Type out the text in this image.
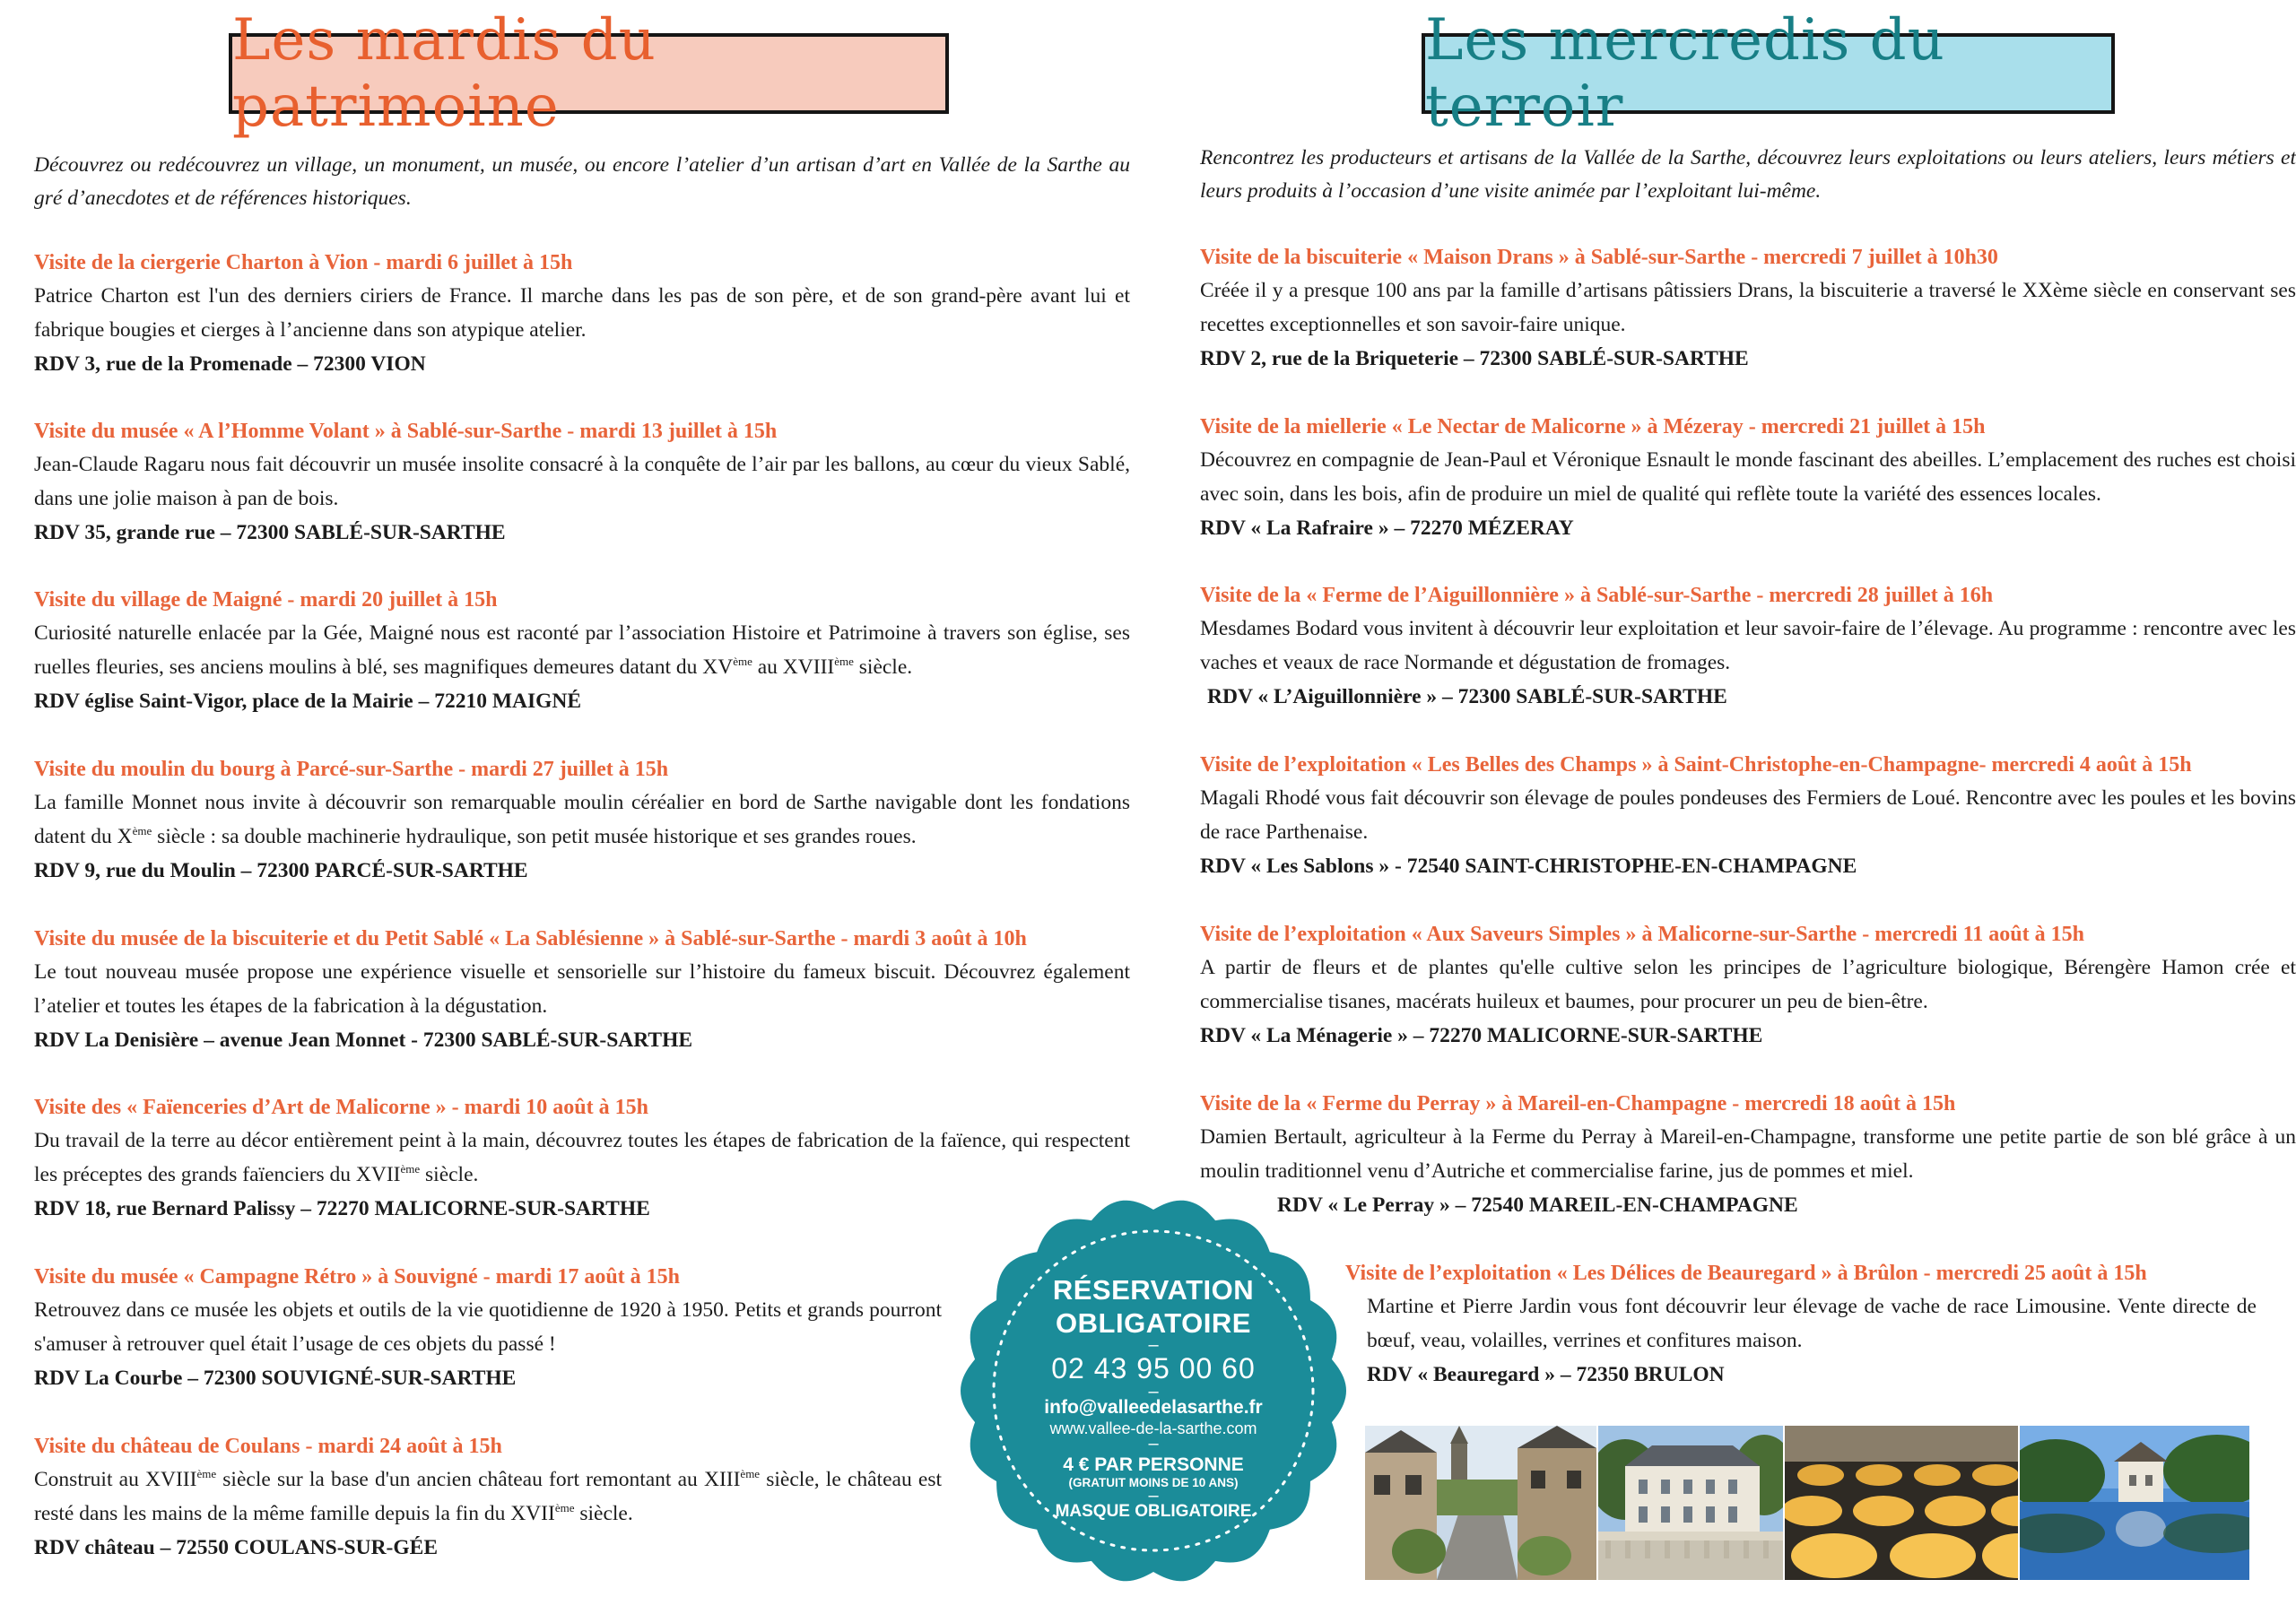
Les mardis du patrimoine
Les mercredis du terroir

Découvrez ou redécouvrez un village, un monument, un musée, ou encore l’atelier d’un artisan d’art en Vallée de la Sarthe au gré d’anecdotes et de références historiques.

Rencontrez les producteurs et artisans de la Vallée de la Sarthe, découvrez leurs exploitations ou leurs ateliers, leurs métiers et leurs produits à l’occasion d’une visite animée par l’exploitant lui-même.

Visite de la ciergerie Charton à Vion - mardi 6 juillet à 15h

Patrice Charton est l'un des derniers ciriers de France. Il marche dans les pas de son père, et de son grand-père avant lui et fabrique bougies et cierges à l’ancienne dans son atypique atelier.

RDV 3, rue de la Promenade – 72300 VION

Visite du musée « A l’Homme Volant » à Sablé-sur-Sarthe - mardi 13 juillet à 15h

Jean-Claude Ragaru nous fait découvrir un musée insolite consacré à la conquête de l’air par les ballons, au cœur du vieux Sablé, dans une jolie maison à pan de bois.

RDV 35, grande rue – 72300 SABLÉ-SUR-SARTHE

Visite du village de Maigné - mardi 20 juillet à 15h

Curiosité naturelle enlacée par la Gée, Maigné nous est raconté par l’association Histoire et Patrimoine à travers son église, ses ruelles fleuries, ses anciens moulins à blé, ses magnifiques demeures datant du XVème au XVIIIème siècle.

RDV église Saint-Vigor, place de la Mairie – 72210 MAIGNÉ

Visite du moulin du bourg à Parcé-sur-Sarthe - mardi 27 juillet à 15h

La famille Monnet nous invite à découvrir son remarquable moulin céréalier en bord de Sarthe navigable dont les fondations datent du Xème siècle : sa double machinerie hydraulique, son petit musée historique et ses grandes roues.

RDV 9, rue du Moulin – 72300 PARCÉ-SUR-SARTHE

Visite du musée de la biscuiterie et du Petit Sablé « La Sablésienne » à Sablé-sur-Sarthe - mardi 3 août à 10h

Le tout nouveau musée propose une expérience visuelle et sensorielle sur l’histoire du fameux biscuit. Découvrez également l’atelier et toutes les étapes de la fabrication à la dégustation.

RDV La Denisière – avenue Jean Monnet - 72300 SABLÉ-SUR-SARTHE

Visite des « Faïenceries d’Art de Malicorne » - mardi 10 août à 15h

Du travail de la terre au décor entièrement peint à la main, découvrez toutes les étapes de fabrication de la faïence, qui respectent les préceptes des grands faïenciers du XVIIème siècle.

RDV 18, rue Bernard Palissy – 72270 MALICORNE-SUR-SARTHE

Visite du musée « Campagne Rétro » à Souvigné - mardi 17 août à 15h

Retrouvez dans ce musée les objets et outils de la vie quotidienne de 1920 à 1950. Petits et grands pourront s'amuser à retrouver quel était l’usage de ces objets du passé !

RDV La Courbe – 72300 SOUVIGNÉ-SUR-SARTHE

Visite du château de Coulans - mardi 24 août à 15h

Construit au XVIIIème siècle sur la base d'un ancien château fort remontant au XIIIème siècle, le château est resté dans les mains de la même famille depuis la fin du XVIIème siècle.

RDV château – 72550 COULANS-SUR-GÉE

Visite de la biscuiterie « Maison Drans » à Sablé-sur-Sarthe - mercredi 7 juillet à 10h30

Créée il y a presque 100 ans par la famille d’artisans pâtissiers Drans, la biscuiterie a traversé le XXème siècle en conservant ses recettes exceptionnelles et son savoir-faire unique.

RDV 2, rue de la Briqueterie – 72300 SABLÉ-SUR-SARTHE

Visite de la miellerie « Le Nectar de Malicorne » à Mézeray - mercredi 21 juillet à 15h

Découvrez en compagnie de Jean-Paul et Véronique Esnault le monde fascinant des abeilles. L’emplacement des ruches est choisi avec soin, dans les bois, afin de produire un miel de qualité qui reflète toute la variété des essences locales.

RDV « La Rafraire » – 72270 MÉZERAY

Visite de la « Ferme de l’Aiguillonnière » à Sablé-sur-Sarthe - mercredi 28 juillet à 16h

Mesdames Bodard vous invitent à découvrir leur exploitation et leur savoir-faire de l’élevage. Au programme : rencontre avec les vaches et veaux de race Normande et dégustation de fromages.

RDV « L’Aiguillonnière » – 72300 SABLÉ-SUR-SARTHE

Visite de l’exploitation « Les Belles des Champs » à Saint-Christophe-en-Champagne- mercredi 4 août à 15h

Magali Rhodé vous fait découvrir son élevage de poules pondeuses des Fermiers de Loué. Rencontre avec les poules et les bovins de race Parthenaise.

RDV « Les Sablons » - 72540 SAINT-CHRISTOPHE-EN-CHAMPAGNE

Visite de l’exploitation « Aux Saveurs Simples » à Malicorne-sur-Sarthe - mercredi 11 août à 15h

A partir de fleurs et de plantes qu'elle cultive selon les principes de l’agriculture biologique, Bérengère Hamon crée et commercialise tisanes, macérats huileux et baumes, pour procurer un peu de bien-être.

RDV « La Ménagerie » – 72270 MALICORNE-SUR-SARTHE

Visite de la « Ferme du Perray » à Mareil-en-Champagne - mercredi 18 août à 15h

Damien Bertault, agriculteur à la Ferme du Perray à Mareil-en-Champagne, transforme une petite partie de son blé grâce à un moulin traditionnel venu d’Autriche et commercialise farine, jus de pommes et miel.

RDV « Le Perray » – 72540 MAREIL-EN-CHAMPAGNE

Visite de l’exploitation « Les Délices de Beauregard » à Brûlon - mercredi 25 août à 15h

Martine et Pierre Jardin vous font découvrir leur élevage de vache de race Limousine. Vente directe de bœuf, veau, volailles, verrines et confitures maison.

RDV « Beauregard » – 72350 BRULON

RÉSERVATION
OBLIGATOIRE
–
02 43 95 00 60
–
info@valleedelasarthe.fr
www.vallee-de-la-sarthe.com
–
4 € PAR PERSONNE
(GRATUIT MOINS DE 10 ANS)
–
MASQUE OBLIGATOIRE
